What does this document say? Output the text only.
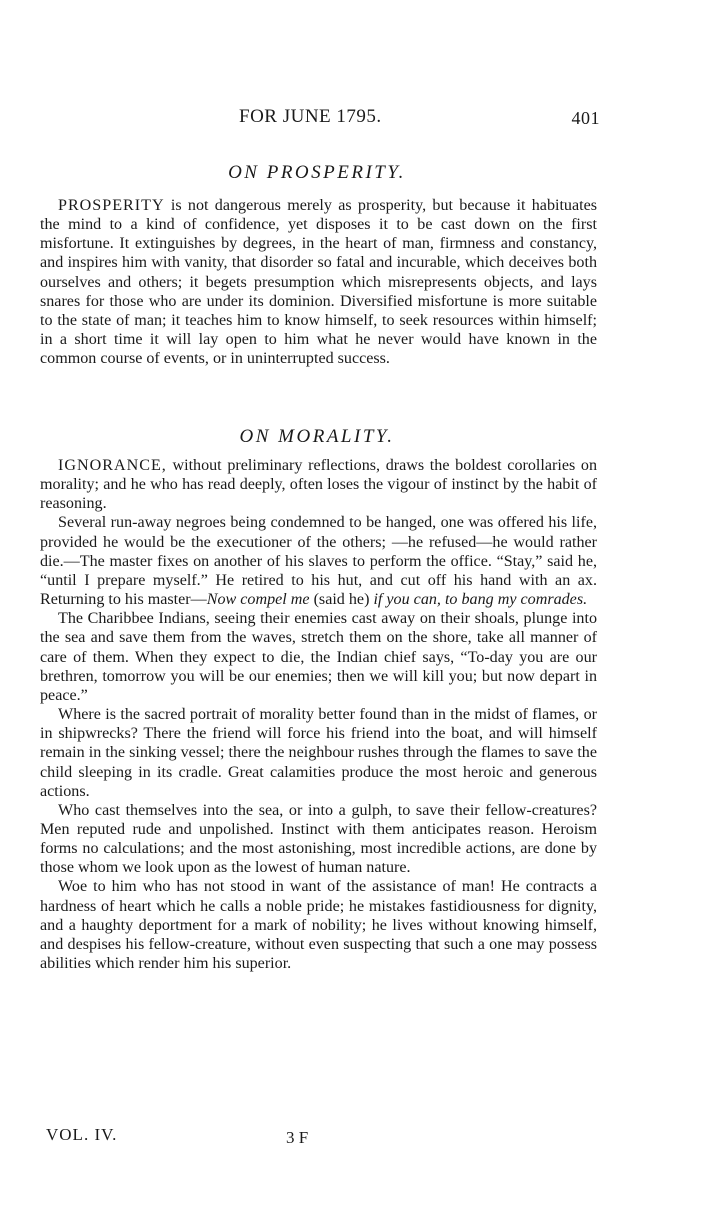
FOR JUNE 1795.	401
ON PROSPERITY.

PROSPERITY is not dangerous merely as prosperity, but because it habituates the mind to a kind of confidence, yet disposes it to be cast down on the first misfortune. It extinguishes by degrees, in the heart of man, firmness and constancy, and inspires him with vanity, that disorder so fatal and incurable, which deceives both ourselves and others; it begets presumption which misrepresents objects, and lays snares for those who are under its dominion. Diversified misfortune is more suitable to the state of man; it teaches him to know himself, to seek resources within himself; in a short time it will lay open to him what he never would have known in the common course of events, or in uninterrupted success.

ON MORALITY.

IGNORANCE, without preliminary reflections, draws the boldest corollaries on morality; and he who has read deeply, often loses the vigour of instinct by the habit of reasoning.

Several run-away negroes being condemned to be hanged, one was offered his life, provided he would be the executioner of the others; —he refused—he would rather die.—The master fixes on another of his slaves to perform the office. “Stay,” said he, “until I prepare myself.” He retired to his hut, and cut off his hand with an ax. Returning to his master—Now compel me (said he) if you can, to bang my comrades.

The Charibbee Indians, seeing their enemies cast away on their shoals, plunge into the sea and save them from the waves, stretch them on the shore, take all manner of care of them. When they expect to die, the Indian chief says, “To-day you are our brethren, tomorrow you will be our enemies; then we will kill you; but now depart in peace.”

Where is the sacred portrait of morality better found than in the midst of flames, or in shipwrecks? There the friend will force his friend into the boat, and will himself remain in the sinking vessel; there the neighbour rushes through the flames to save the child sleeping in its cradle. Great calamities produce the most heroic and generous actions.

Who cast themselves into the sea, or into a gulph, to save their fellow-creatures? Men reputed rude and unpolished. Instinct with them anticipates reason. Heroism forms no calculations; and the most astonishing, most incredible actions, are done by those whom we look upon as the lowest of human nature.

Woe to him who has not stood in want of the assistance of man! He contracts a hardness of heart which he calls a noble pride; he mistakes fastidiousness for dignity, and a haughty deportment for a mark of nobility; he lives without knowing himself, and despises his fellow-creature, without even suspecting that such a one may possess abilities which render him his superior.

VOL. IV.	3 F
